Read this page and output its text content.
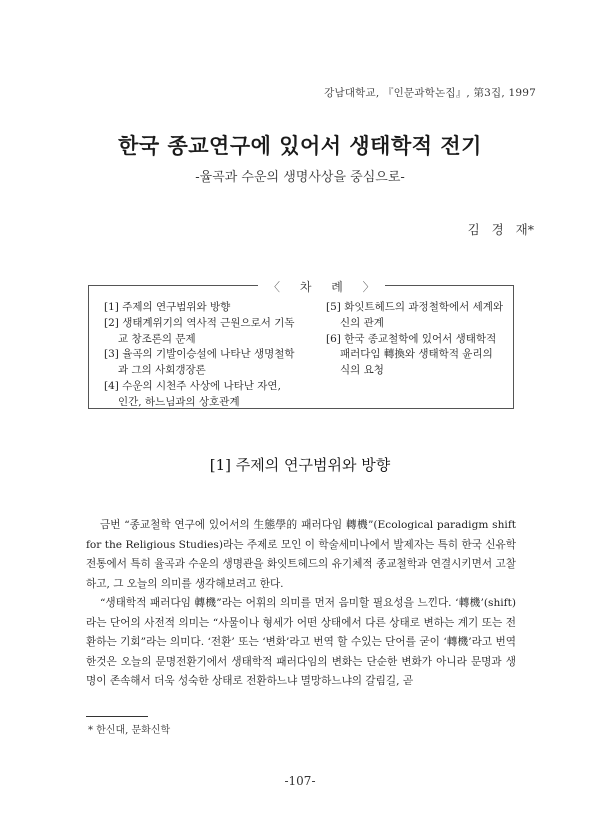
강남대학교, 『인문과학논집』, 第3집, 1997
한국 종교연구에 있어서 생태학적 전기
-율곡과 수운의 생명사상을 중심으로-
김 경 재*
〈 차 례 〉
[1] 주제의 연구범위와 방향
[2] 생태계위기의 역사적 근원으로서 기독
교 창조론의 문제
[3] 율곡의 기발이승설에 나타난 생명철학
과 그의 사회갱장론
[4] 수운의 시천주 사상에 나타난 자연,
인간, 하느님과의 상호관계
[5] 화잇트헤드의 과정철학에서 세계와
신의 관계
[6] 한국 종교철학에 있어서 생태학적
패러다임 轉換와 생태학적 윤리의
식의 요청
[1] 주제의 연구범위와 방향

금번 “종교철학 연구에 있어서의 生態學的 패러다임 轉機”(Ecological paradigm shift for the Religious Studies)라는 주제로 모인 이 학술세미나에서 발제자는 특히 한국 신유학전통에서 특히 율곡과 수운의 생명관을 화잇트헤드의 유기체적 종교철학과 연결시키면서 고찰하고, 그 오늘의 의미를 생각해보려고 한다.

“생태학적 패러다임 轉機”라는 어휘의 의미를 먼저 음미할 필요성을 느낀다. ‘轉機’(shift)라는 단어의 사전적 의미는 “사물이나 형세가 어떤 상태에서 다른 상태로 변하는 계기 또는 전환하는 기회”라는 의미다. ‘전환’ 또는 ‘변화’라고 번역 할 수있는 단어를 굳이 ‘轉機’라고 번역 한것은 오늘의 문명전환기에서 생태학적 패러다임의 변화는 단순한 변화가 아니라 문명과 생명이 존속해서 더욱 성숙한 상태로 전환하느냐 멸망하느냐의 갈림길, 곧

* 한신대, 문화신학
-107-
